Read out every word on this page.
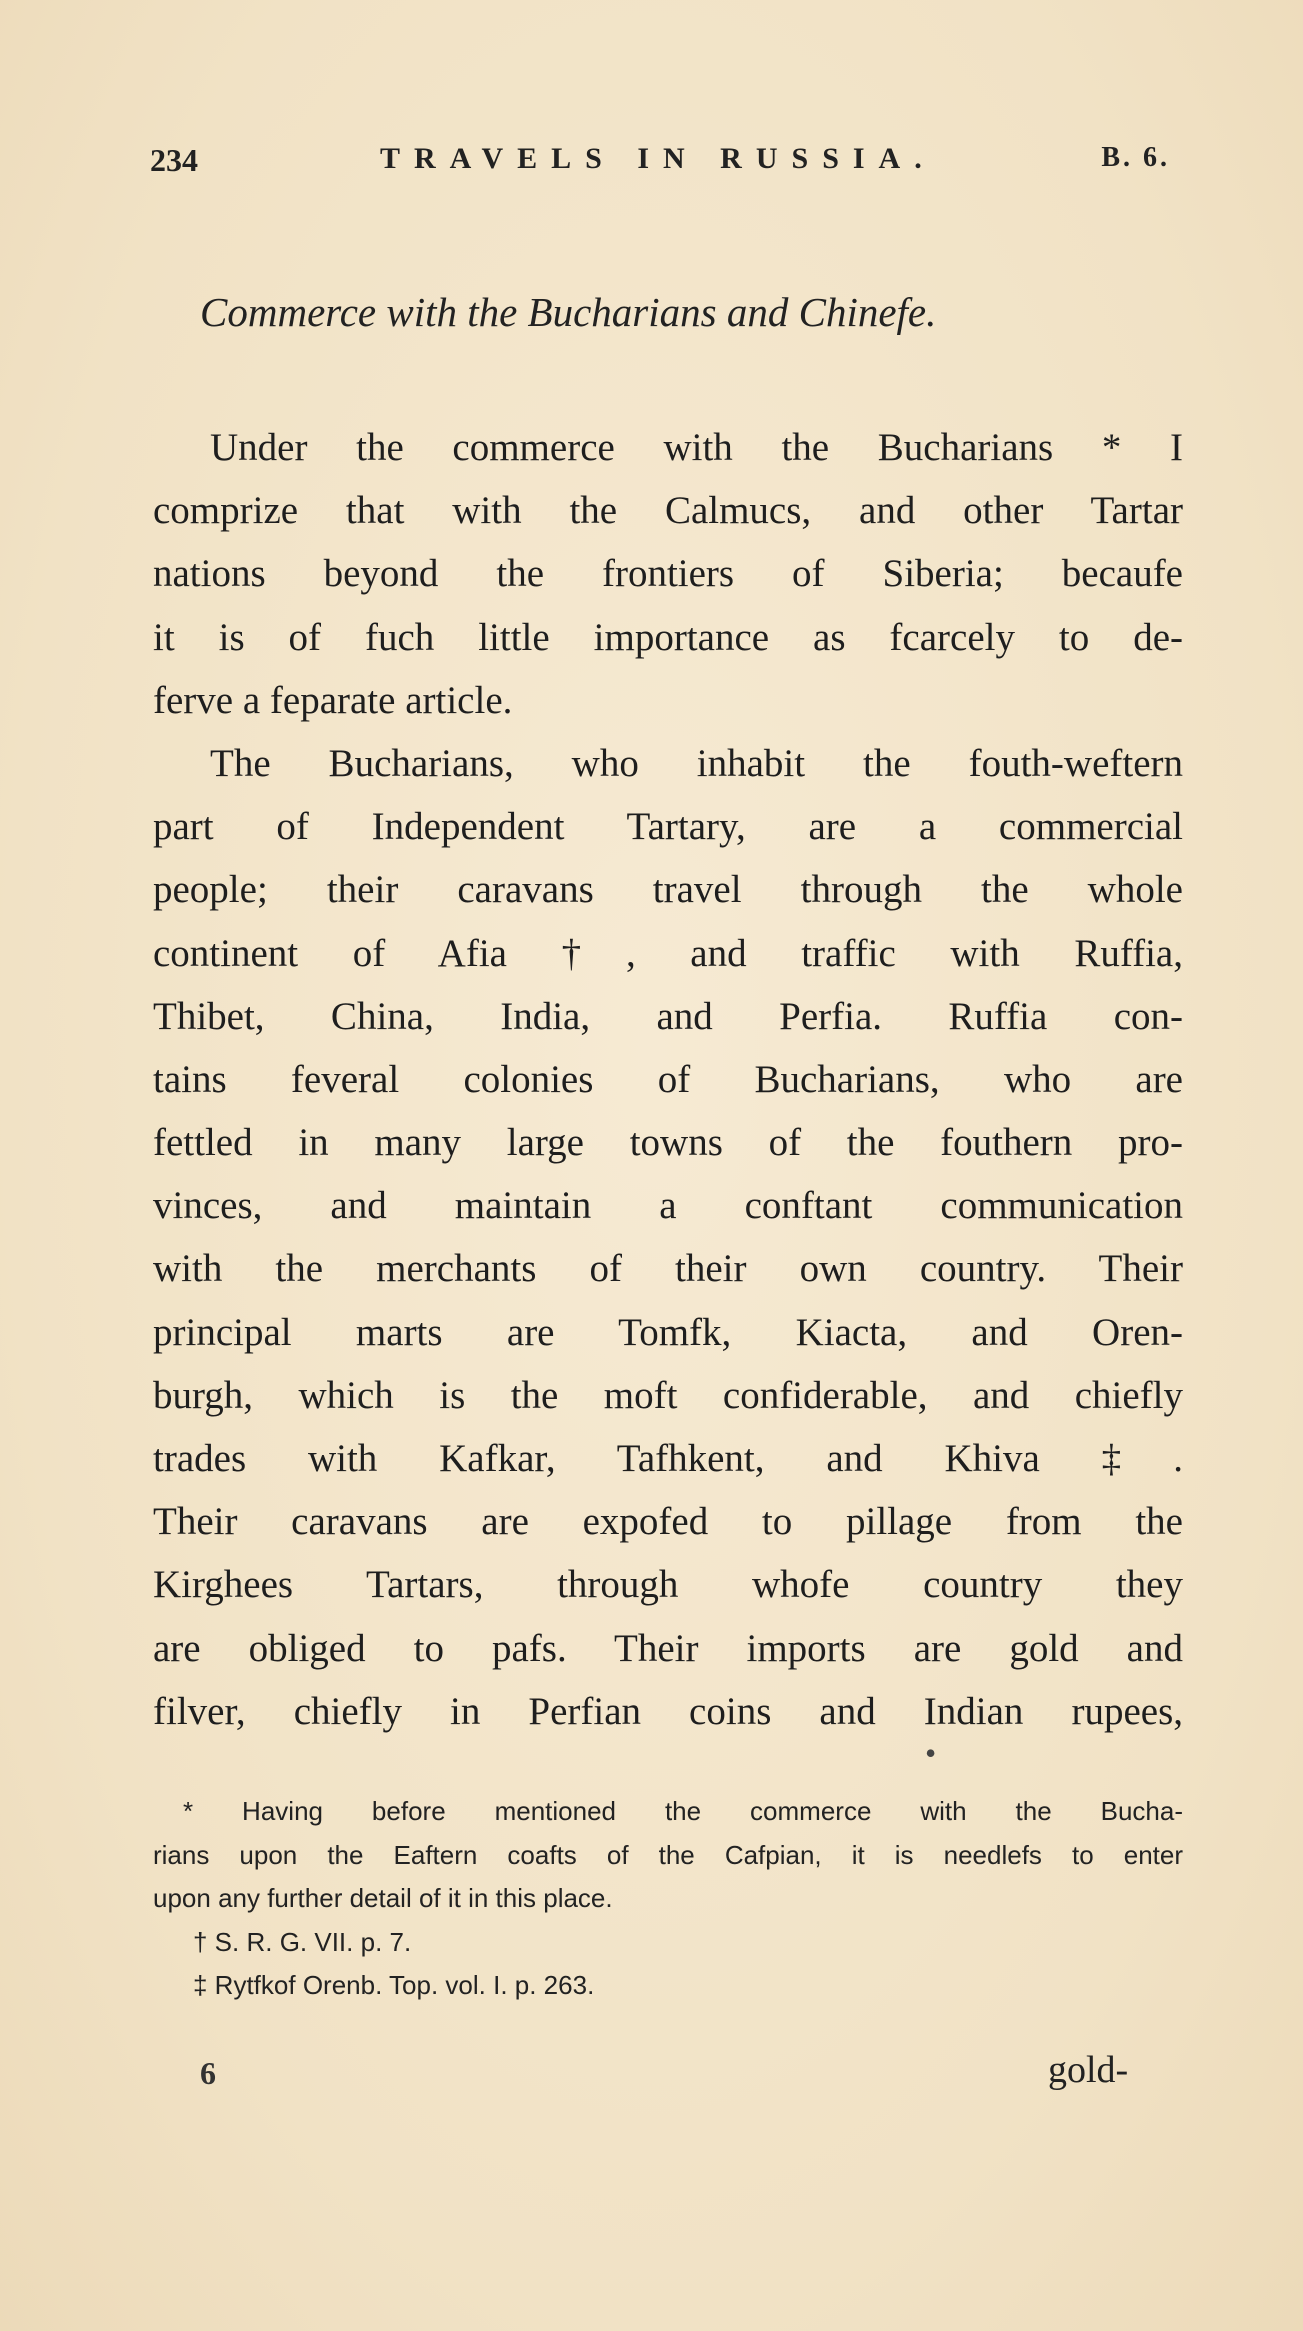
234	TRAVELS IN RUSSIA.	B. 6.
Commerce with the Bucharians and Chinefe.
Under the commerce with the Bucharians * I
comprize that with the Calmucs, and other Tartar
nations beyond the frontiers of Siberia; becaufe
it is of fuch little importance as fcarcely to de-
ferve a feparate article.
The Bucharians, who inhabit the fouth-weftern
part of Independent Tartary, are a commercial
people; their caravans travel through the whole
continent of Afia †, and traffic with Ruffia,
Thibet, China, India, and Perfia. Ruffia con-
tains feveral colonies of Bucharians, who are
fettled in many large towns of the fouthern pro-
vinces, and maintain a conftant communication
with the merchants of their own country. Their
principal marts are Tomfk, Kiacta, and Oren-
burgh, which is the moft confiderable, and chiefly
trades with Kafkar, Tafhkent, and Khiva ‡.
Their caravans are expofed to pillage from the
Kirghees Tartars, through whofe country they
are obliged to pafs. Their imports are gold and
filver, chiefly in Perfian coins and Indian rupees,
•
* Having before mentioned the commerce with the Bucha-
rians upon the Eaftern coafts of the Cafpian, it is needlefs to enter
upon any further detail of it in this place.
† S. R. G. VII. p. 7.
‡ Rytfkof Orenb. Top. vol. I. p. 263.
6	gold-
